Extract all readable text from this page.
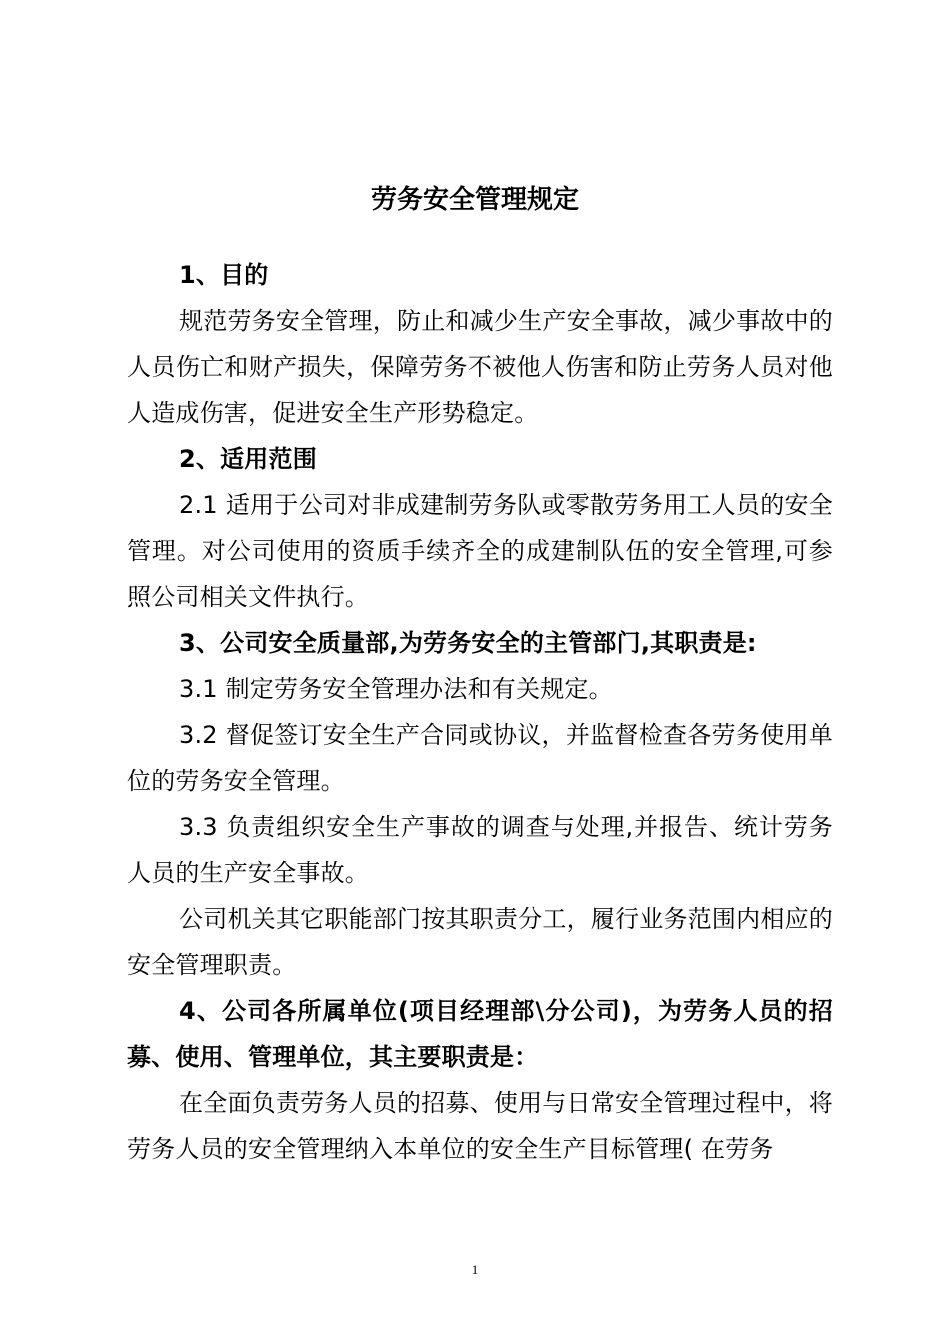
劳务安全管理规定

1、目的

规范劳务安全管理，防止和减少生产安全事故，减少事故中的人员伤亡和财产损失，保障劳务不被他人伤害和防止劳务人员对他人造成伤害，促进安全生产形势稳定。

2、适用范围

2.1 适用于公司对非成建制劳务队或零散劳务用工人员的安全管理。对公司使用的资质手续齐全的成建制队伍的安全管理,可参照公司相关文件执行。

3、公司安全质量部,为劳务安全的主管部门,其职责是:

3.1 制定劳务安全管理办法和有关规定。

3.2 督促签订安全生产合同或协议，并监督检查各劳务使用单位的劳务安全管理。

3.3 负责组织安全生产事故的调查与处理,并报告、统计劳务人员的生产安全事故。

公司机关其它职能部门按其职责分工，履行业务范围内相应的安全管理职责。

4、公司各所属单位(项目经理部\分公司)，为劳务人员的招募、使用、管理单位，其主要职责是：

在全面负责劳务人员的招募、使用与日常安全管理过程中，将劳务人员的安全管理纳入本单位的安全生产目标管理( 在劳务

1
